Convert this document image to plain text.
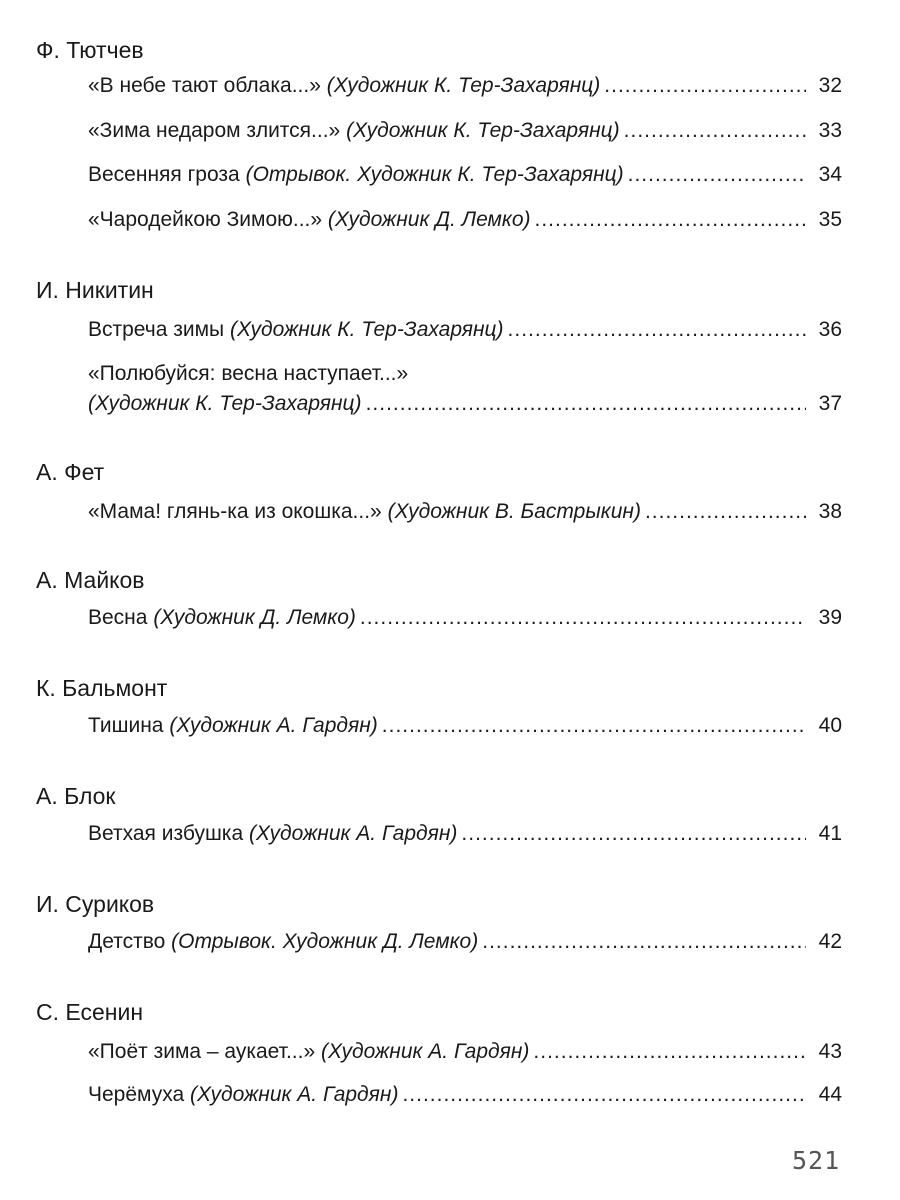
Ф. Тютчев
«В небе тают облака...» (Художник К. Тер-Захарянц) .....	32
«Зима недаром злится...» (Художник К. Тер-Захарянц) .....	33
Весенняя гроза (Отрывок. Художник К. Тер-Захарянц) .....	34
«Чародейкою Зимою...» (Художник Д. Лемко) .....	35
И. Никитин
Встреча зимы (Художник К. Тер-Захарянц) .....	36
«Полюбуйся: весна наступает...»
(Художник К. Тер-Захарянц) .....	37
А. Фет
«Мама! глянь-ка из окошка...» (Художник В. Бастрыкин) .....	38
А. Майков
Весна (Художник Д. Лемко) .....	39
К. Бальмонт
Тишина (Художник А. Гардян) .....	40
А. Блок
Ветхая избушка (Художник А. Гардян) .....	41
И. Суриков
Детство (Отрывок. Художник Д. Лемко) .....	42
С. Есенин
«Поёт зима – аукает...» (Художник А. Гардян) .....	43
Черёмуха (Художник А. Гардян) .....	44
521
